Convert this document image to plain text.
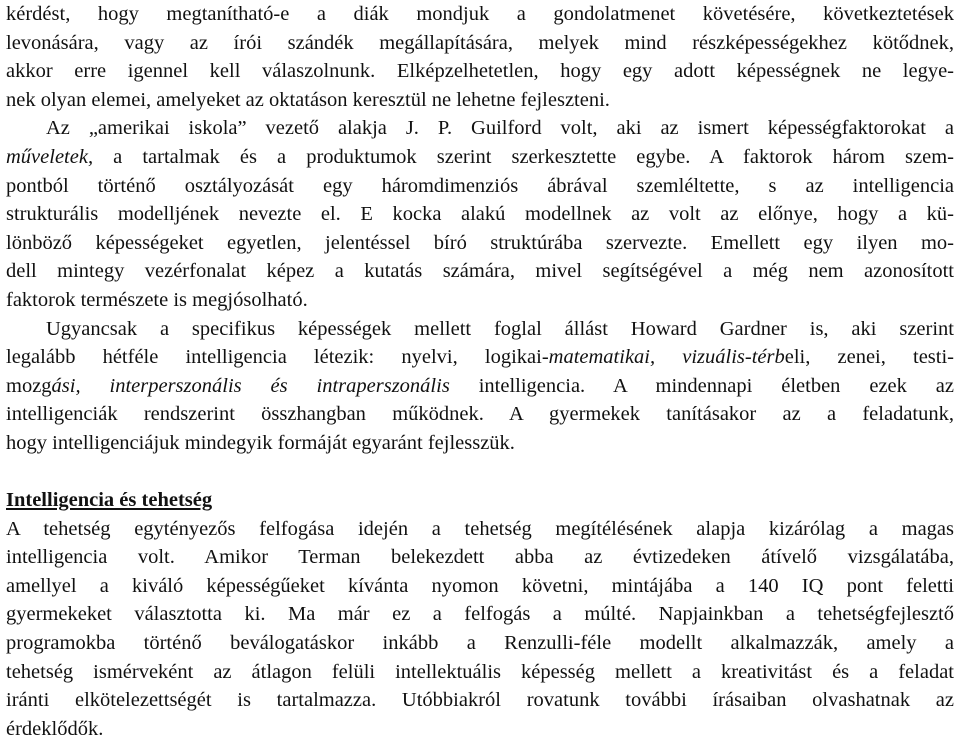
kérdést, hogy megtanítható-e a diák mondjuk a gondolatmenet követésére, következtetések
levonására, vagy az írói szándék megállapítására, melyek mind részképességekhez kötődnek,
akkor erre igennel kell válaszolnunk. Elképzelhetetlen, hogy egy adott képességnek ne legye-
nek olyan elemei, amelyeket az oktatáson keresztül ne lehetne fejleszteni.
Az „amerikai iskola” vezető alakja J. P. Guilford volt, aki az ismert képességfaktorokat a
műveletek, a tartalmak és a produktumok szerint szerkesztette egybe. A faktorok három szem-
pontból történő osztályozását egy háromdimenziós ábrával szemléltette, s az intelligencia
strukturális modelljének nevezte el. E kocka alakú modellnek az volt az előnye, hogy a kü-
lönböző képességeket egyetlen, jelentéssel bíró struktúrába szervezte. Emellett egy ilyen mo-
dell mintegy vezérfonalat képez a kutatás számára, mivel segítségével a még nem azonosított
faktorok természete is megjósolható.
Ugyancsak a specifikus képességek mellett foglal állást Howard Gardner is, aki szerint
legalább hétféle intelligencia létezik: nyelvi, logikai-matematikai, vizuális-térbeli, zenei, testi-
mozgási, interperszonális és intraperszonális intelligencia. A mindennapi életben ezek az
intelligenciák rendszerint összhangban működnek. A gyermekek tanításakor az a feladatunk,
hogy intelligenciájuk mindegyik formáját egyaránt fejlesszük.
Intelligencia és tehetség
A tehetség egytényezős felfogása idején a tehetség megítélésének alapja kizárólag a magas
intelligencia volt. Amikor Terman belekezdett abba az évtizedeken átívelő vizsgálatába,
amellyel a kiváló képességűeket kívánta nyomon követni, mintájába a 140 IQ pont feletti
gyermekeket választotta ki. Ma már ez a felfogás a múlté. Napjainkban a tehetségfejlesztő
programokba történő beválogatáskor inkább a Renzulli-féle modellt alkalmazzák, amely a
tehetség ismérveként az átlagon felüli intellektuális képesség mellett a kreativitást és a feladat
iránti elkötelezettségét is tartalmazza. Utóbbiakról rovatunk további írásaiban olvashatnak az
érdeklődők.
